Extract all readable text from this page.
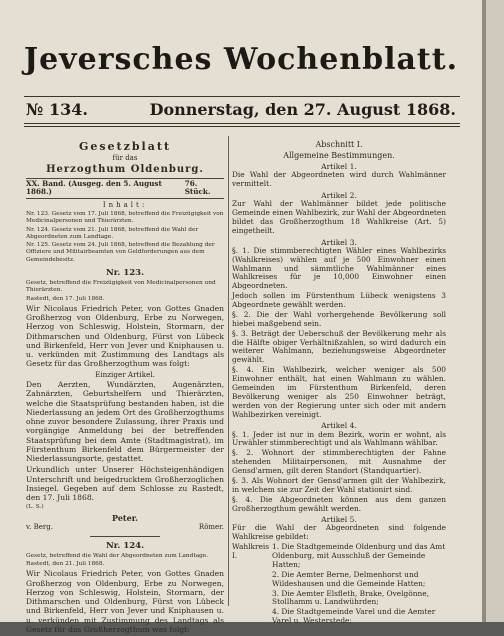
Jeversches Wochenblatt.
№ 134.	Donnerstag, den 27. August 1868.
Gesetzblatt
für das
Herzogthum Oldenburg.
XX. Band. (Ausgeg. den 5. August 1868.)
76. Stück.
Inhalt:

Nr. 123. Gesetz vom 17. Juli 1868, betreffend die Freizügigkeit von Medicinalpersonen und Thierärzten.

Nr. 124. Gesetz vom 21. Juli 1868, betreffend die Wahl der Abgeordneten zum Landtage.

Nr. 125. Gesetz vom 24. Juli 1868, betreffend die Bezahlung der Offiziere und Militairbeamten von Geldforderungen aus dem Gemeindebesitz.

Nr. 123.

Gesetz, betreffend die Freizügigkeit von Medicinalpersonen und Thierärzten.

Rastedt, den 17. Juli 1868.

Wir Nicolaus Friedrich Peter, von Gottes Gnaden Großherzog von Oldenburg, Erbe zu Norwegen, Herzog von Schleswig, Holstein, Stormarn, der Dithmarschen und Oldenburg, Fürst von Lübeck und Birkenfeld, Herr von Jever und Kniphausen u. u. verkünden mit Zustimmung des Landtags als Gesetz für das Großherzogthum was folgt:

Einziger Artikel.

Den Aerzten, Wundärzten, Augenärzten, Zahnärzten, Geburtshelfern und Thierärzten, welche die Staatsprüfung bestanden haben, ist die Niederlassung an jedem Ort des Großherzogthums ohne zuvor besondere Zulassung, ihrer Praxis und vorgängige Anmeldung bei der betreffenden Staatsprüfung bei dem Amte (Stadtmagistrat), im Fürstenthum Birkenfeld dem Bürgermeister der Niederlassungsorte, gestattet.

Urkundlich unter Unserer Höchsteigenhändigen Unterschrift und beigedrucktem Großherzoglichen Insiegel. Gegeben auf dem Schlosse zu Rastedt, den 17. Juli 1868.

(L. S.)

Peter.
v. Berg.	Römer.
Nr. 124.

Gesetz, betreffend die Wahl der Abgeordneten zum Landtage.

Rastedt, den 21. Juli 1868.

Wir Nicolaus Friedrich Peter, von Gottes Gnaden Großherzog von Oldenburg, Erbe zu Norwegen, Herzog von Schleswig, Holstein, Stormarn, der Dithmarschen und Oldenburg, Fürst von Lübeck und Birkenfeld, Herr von Jever und Kniphausen u. u. verkünden mit Zustimmung des Landtags als Gesetz für das Großherzogthum was folgt:

Abschnitt I.
Allgemeine Bestimmungen.
Artikel 1.

Die Wahl der Abgeordneten wird durch Wahlmänner vermittelt.

Artikel 2.

Zur Wahl der Wahlmänner bildet jede politische Gemeinde einen Wahlbezirk, zur Wahl der Abgeordneten bildet das Großherzogthum 18 Wahlkreise (Art. 5) eingetheilt.

Artikel 3.

§. 1. Die stimmberechtigten Wähler eines Wahlbezirks (Wahlkreises) wählen auf je 500 Einwohner einen Wahlmann und sämmtliche Wahlmänner eines Wahlkreises für je 10,000 Einwohner einen Abgeordneten.

Jedoch sollen im Fürstenthum Lübeck wenigstens 3 Abgeordnete gewählt werden.

§. 2. Die der Wahl vorhergehende Bevölkerung soll hiebei maßgebend sein.

§. 3. Beträgt der Ueberschuß der Bevölkerung mehr als die Hälfte obiger Verhältnißzahlen, so wird dadurch ein weiterer Wahlmann, beziehungsweise Abgeordneter gewählt.

§. 4. Ein Wahlbezirk, welcher weniger als 500 Einwohner enthält, hat einen Wahlmann zu wählen. Gemeinden im Fürstenthum Birkenfeld, deren Bevölkerung weniger als 250 Einwohner beträgt, werden von der Regierung unter sich oder mit andern Wahlbezirken vereinigt.

Artikel 4.

§. 1. Jeder ist nur in dem Bezirk, worin er wohnt, als Urwähler stimmberechtigt und als Wahlmann wählbar.

§. 2. Wohnort der stimmberechtigten der Fahne stehenden Militairpersonen, mit Ausnahme der Gensd'armen, gilt deren Standort (Standquartier).

§. 3. Als Wohnort der Gensd'armen gilt der Wahlbezirk, in welchem sie zur Zeit der Wahl stationirt sind.

§. 4. Die Abgeordneten können aus dem ganzen Großherzogthum gewählt werden.

Artikel 5.

Für die Wahl der Abgeordneten sind folgende Wahlkreise gebildet:

Wahlkreis I.
1. Die Stadtgemeinde Oldenburg und das Amt Oldenburg, mit Ausschluß der Gemeinde Hatten;
2. Die Aemter Berne, Delmenhorst und Wildeshausen und die Gemeinde Hatten;
3. Die Aemter Elsfleth, Brake, Ovelgönne, Stollhamm u. Landwührden;
4. Die Stadtgemeinde Varel und die Aemter Varel u. Westerstede;
